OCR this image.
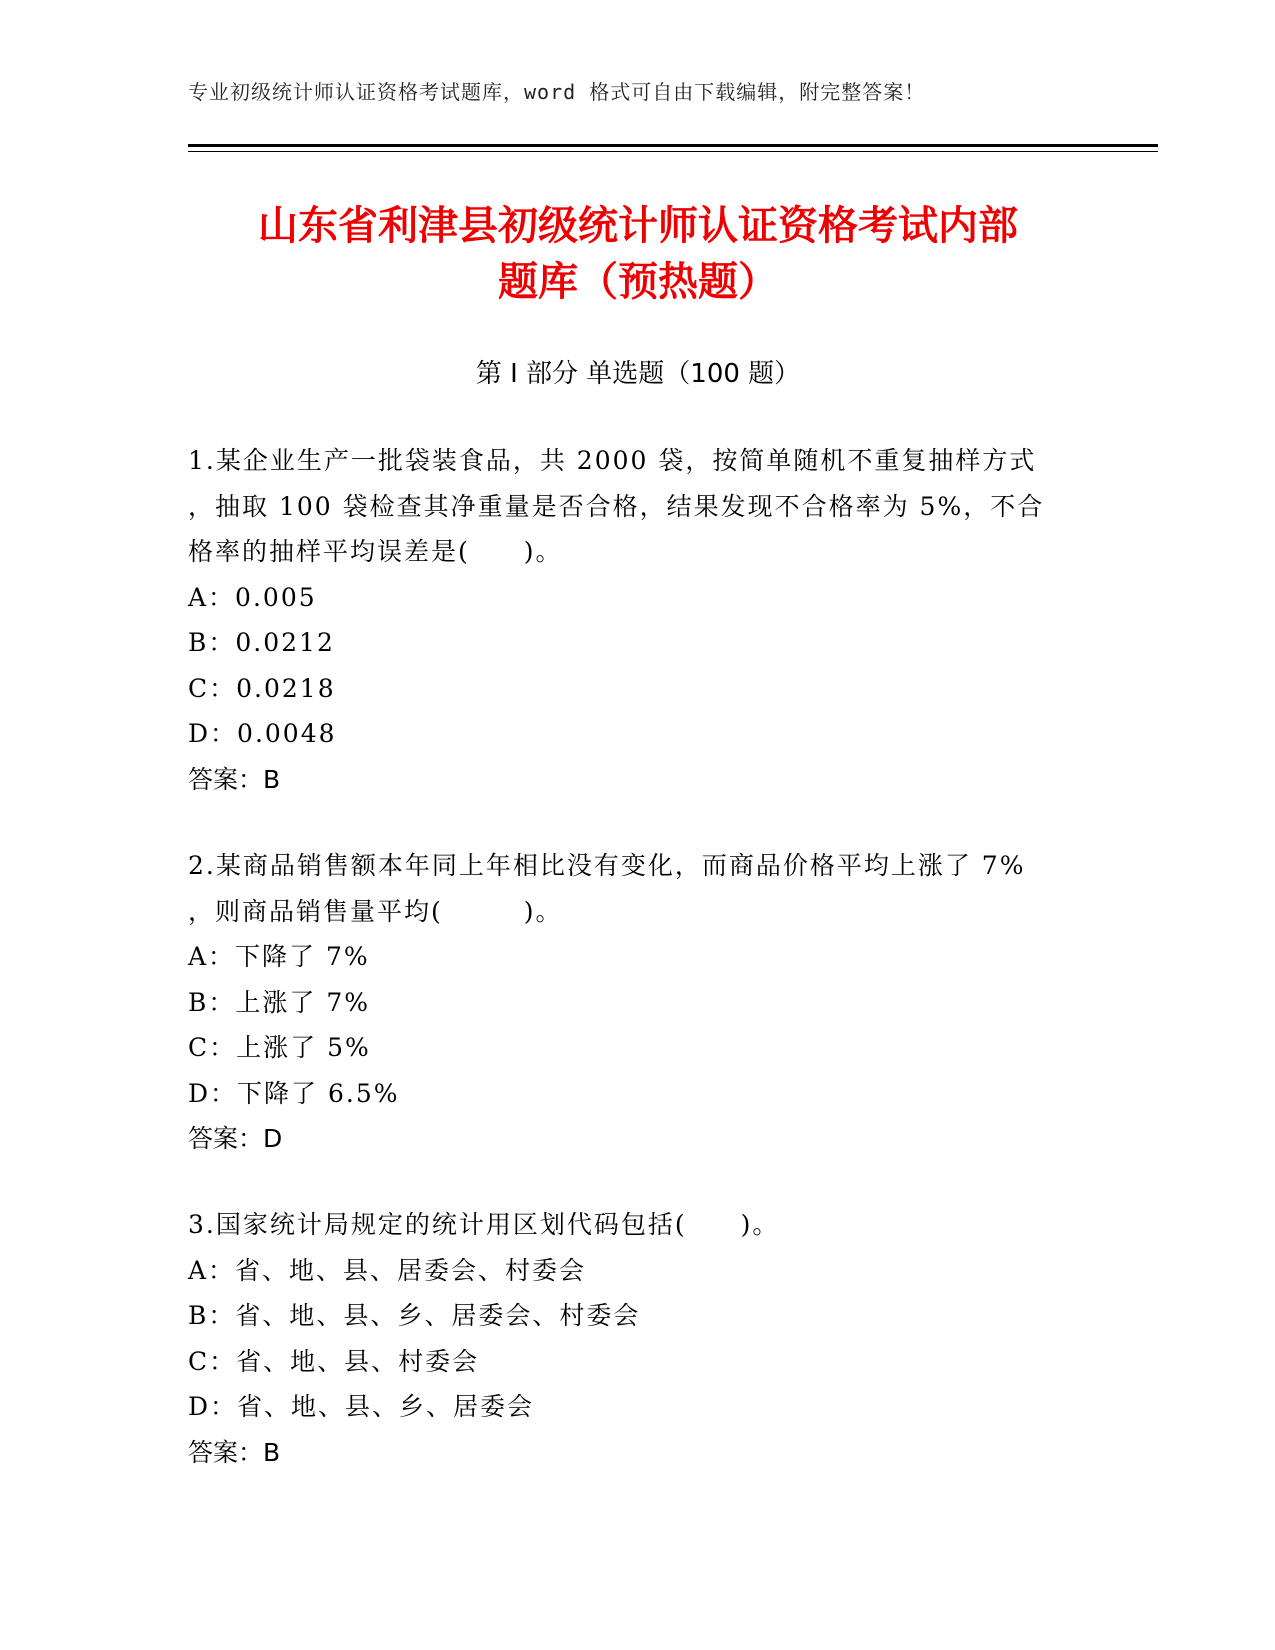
专业初级统计师认证资格考试题库，word 格式可自由下载编辑，附完整答案！
山东省利津县初级统计师认证资格考试内部
题库（预热题）
第 I 部分 单选题（100 题）

1.某企业生产一批袋装食品，共 2000 袋，按简单随机不重复抽样方式

，抽取 100 袋检查其净重量是否合格，结果发现不合格率为 5%，不合

格率的抽样平均误差是(　　)。

A：0.005

B：0.0212

C：0.0218

D：0.0048

答案：B

2.某商品销售额本年同上年相比没有变化，而商品价格平均上涨了 7%

，则商品销售量平均(　　　)。

A：下降了 7%

B：上涨了 7%

C：上涨了 5%

D：下降了 6.5%

答案：D

3.国家统计局规定的统计用区划代码包括(　　)。

A：省、地、县、居委会、村委会

B：省、地、县、乡、居委会、村委会

C：省、地、县、村委会

D：省、地、县、乡、居委会

答案：B
